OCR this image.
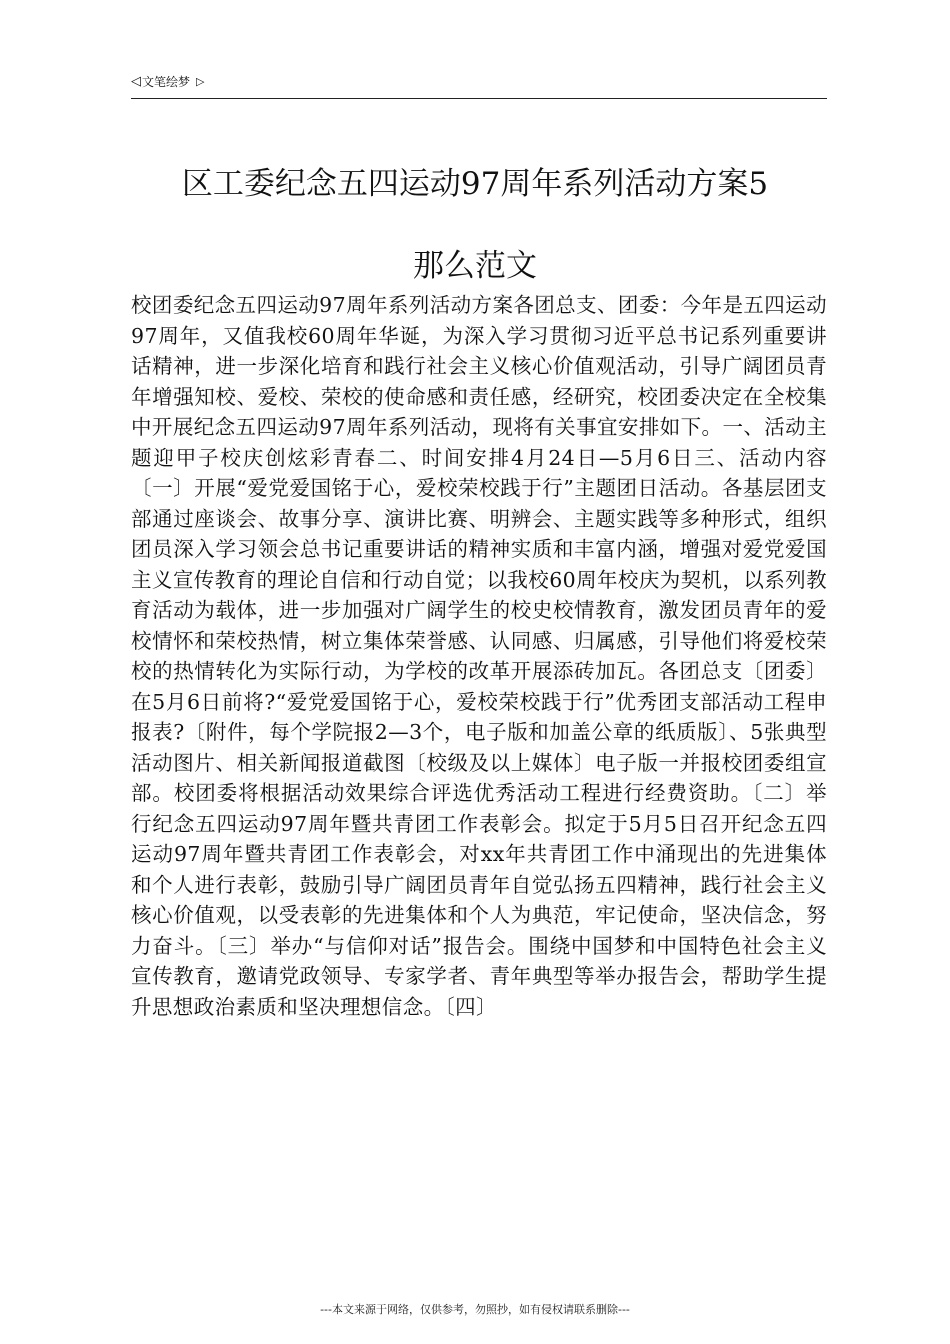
◁ 文笔绘梦 ▷
区工委纪念五四运动97周年系列活动方案5
那么范文

校团委纪念五四运动97周年系列活动方案各团总支、团委：今年是五四运动97周年，又值我校60周年华诞，为深入学习贯彻习近平总书记系列重要讲话精神，进一步深化培育和践行社会主义核心价值观活动，引导广阔团员青年增强知校、爱校、荣校的使命感和责任感，经研究，校团委决定在全校集中开展纪念五四运动97周年系列活动，现将有关事宜安排如下。一、活动主题迎甲子校庆创炫彩青春二、时间安排4月24日—5月6日三、活动内容〔一〕开展“爱党爱国铭于心，爱校荣校践于行”主题团日活动。各基层团支部通过座谈会、故事分享、演讲比赛、明辨会、主题实践等多种形式，组织团员深入学习领会总书记重要讲话的精神实质和丰富内涵，增强对爱党爱国主义宣传教育的理论自信和行动自觉；以我校60周年校庆为契机，以系列教育活动为载体，进一步加强对广阔学生的校史校情教育，激发团员青年的爱校情怀和荣校热情，树立集体荣誉感、认同感、归属感，引导他们将爱校荣校的热情转化为实际行动，为学校的改革开展添砖加瓦。各团总支〔团委〕在5月6日前将?“爱党爱国铭于心，爱校荣校践于行”优秀团支部活动工程申报表?〔附件，每个学院报2—3个，电子版和加盖公章的纸质版〕、5张典型活动图片、相关新闻报道截图〔校级及以上媒体〕电子版一并报校团委组宣部。校团委将根据活动效果综合评选优秀活动工程进行经费资助。〔二〕举行纪念五四运动97周年暨共青团工作表彰会。拟定于5月5日召开纪念五四运动97周年暨共青团工作表彰会，对xx年共青团工作中涌现出的先进集体和个人进行表彰，鼓励引导广阔团员青年自觉弘扬五四精神，践行社会主义核心价值观，以受表彰的先进集体和个人为典范，牢记使命，坚决信念，努力奋斗。〔三〕举办“与信仰对话”报告会。围绕中国梦和中国特色社会主义宣传教育，邀请党政领导、专家学者、青年典型等举办报告会，帮助学生提升思想政治素质和坚决理想信念。〔四〕

---本文来源于网络，仅供参考，勿照抄，如有侵权请联系删除---
